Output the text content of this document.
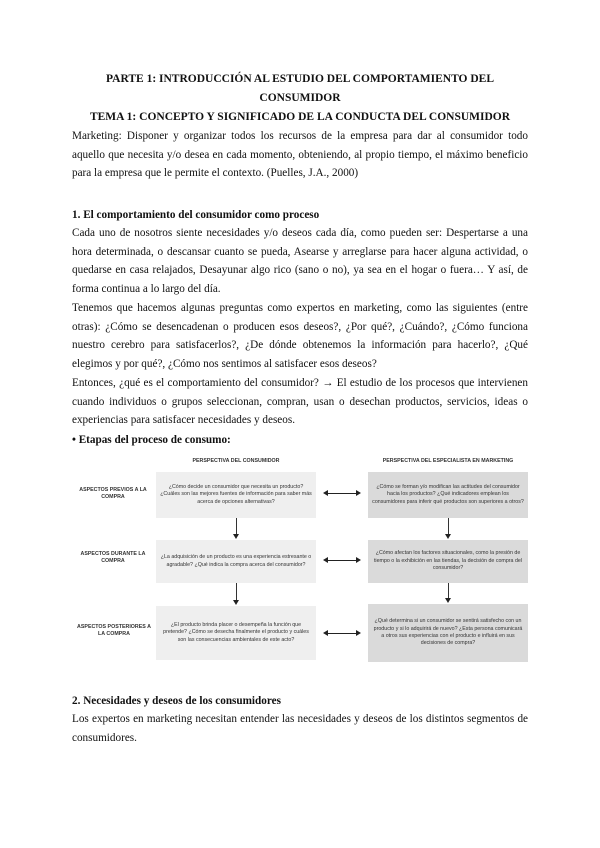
PARTE 1: INTRODUCCIÓN AL ESTUDIO DEL COMPORTAMIENTO DEL
CONSUMIDOR
TEMA 1: CONCEPTO Y SIGNIFICADO DE LA CONDUCTA DEL CONSUMIDOR
Marketing: Disponer y organizar todos los recursos de la empresa para dar al consumidor todo aquello que necesita y/o desea en cada momento, obteniendo, al propio tiempo, el máximo beneficio para la empresa que le permite el contexto. (Puelles, J.A., 2000)
1. El comportamiento del consumidor como proceso
Cada uno de nosotros siente necesidades y/o deseos cada día, como pueden ser: Despertarse a una hora determinada, o descansar cuanto se pueda, Asearse y arreglarse para hacer alguna actividad, o quedarse en casa relajados, Desayunar algo rico (sano o no), ya sea en el hogar o fuera… Y así, de forma continua a lo largo del día.
Tenemos que hacemos algunas preguntas como expertos en marketing, como las siguientes (entre otras): ¿Cómo se desencadenan o producen esos deseos?, ¿Por qué?, ¿Cuándo?, ¿Cómo funciona nuestro cerebro para satisfacerlos?, ¿De dónde obtenemos la información para hacerlo?, ¿Qué elegimos y por qué?, ¿Cómo nos sentimos al satisfacer esos deseos?
Entonces, ¿qué es el comportamiento del consumidor? → El estudio de los procesos que intervienen cuando individuos o grupos seleccionan, compran, usan o desechan productos, servicios, ideas o experiencias para satisfacer necesidades y deseos.
• Etapas del proceso de consumo:
PERSPECTIVA DEL CONSUMIDOR	PERSPECTIVA DEL ESPECIALISTA EN MARKETING
ASPECTOS PREVIOS A LA COMPRA
¿Cómo decide un consumidor que necesita un producto? ¿Cuáles son las mejores fuentes de información para saber más acerca de opciones alternativas?
¿Cómo se forman y/o modifican las actitudes del consumidor hacia los productos? ¿Qué indicadores emplean los consumidores para inferir qué productos son superiores a otros?
ASPECTOS DURANTE LA COMPRA
¿La adquisición de un producto es una experiencia estresante o agradable? ¿Qué indica la compra acerca del consumidor?
¿Cómo afectan los factores situacionales, como la presión de tiempo o la exhibición en las tiendas, la decisión de compra del consumidor?
ASPECTOS POSTERIORES A LA COMPRA
¿El producto brinda placer o desempeña la función que pretende? ¿Cómo se desecha finalmente el producto y cuáles son las consecuencias ambientales de este acto?
¿Qué determina si un consumidor se sentirá satisfecho con un producto y si lo adquirirá de nuevo? ¿Esta persona comunicará a otros sus experiencias con el producto e influirá en sus decisiones de compra?
2. Necesidades y deseos de los consumidores
Los expertos en marketing necesitan entender las necesidades y deseos de los distintos segmentos de consumidores.
